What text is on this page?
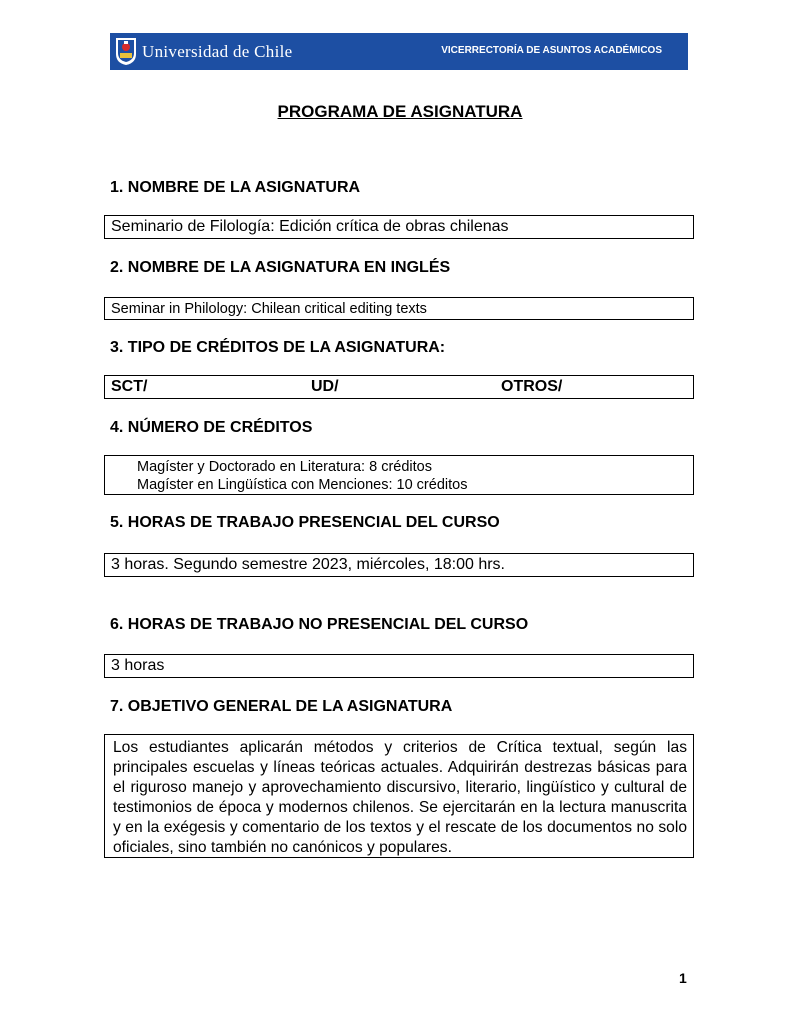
Universidad de Chile	VICERRECTORÍA DE ASUNTOS ACADÉMICOS
PROGRAMA DE ASIGNATURA
1. NOMBRE DE LA ASIGNATURA
Seminario de Filología: Edición crítica de obras chilenas
2. NOMBRE DE LA ASIGNATURA EN INGLÉS
Seminar in Philology: Chilean critical editing texts
3. TIPO DE CRÉDITOS DE LA ASIGNATURA:
SCT/	UD/	OTROS/
4. NÚMERO DE CRÉDITOS
Magíster y Doctorado en Literatura: 8 créditos
Magíster en Lingüística con Menciones: 10 créditos
5. HORAS DE TRABAJO PRESENCIAL DEL CURSO
3 horas. Segundo semestre 2023, miércoles, 18:00 hrs.
6. HORAS DE TRABAJO NO PRESENCIAL DEL CURSO
3 horas
7. OBJETIVO GENERAL DE LA ASIGNATURA
Los estudiantes aplicarán métodos y criterios de Crítica textual, según las principales escuelas y líneas teóricas actuales. Adquirirán destrezas básicas para el riguroso manejo y aprovechamiento discursivo, literario, lingüístico y cultural de testimonios de época y modernos chilenos. Se ejercitarán en la lectura manuscrita y en la exégesis y comentario de los textos y el rescate de los documentos no solo oficiales, sino también no canónicos y populares.
1
